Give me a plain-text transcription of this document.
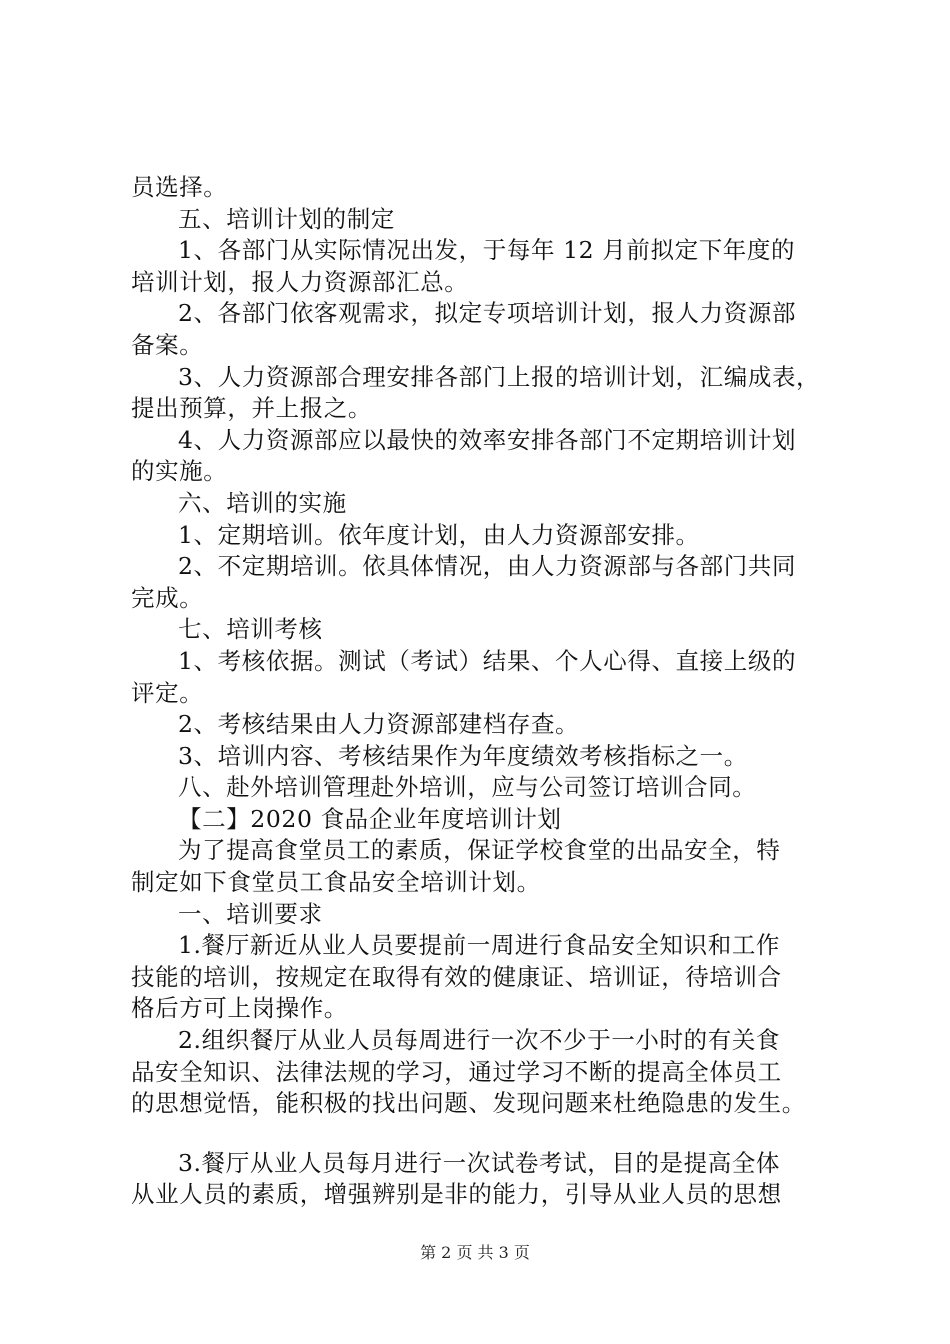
员选择。
五、培训计划的制定
1、各部门从实际情况出发，于每年 12 月前拟定下年度的
培训计划，报人力资源部汇总。
2、各部门依客观需求，拟定专项培训计划，报人力资源部
备案。
3、人力资源部合理安排各部门上报的培训计划，汇编成表，
提出预算，并上报之。
4、人力资源部应以最快的效率安排各部门不定期培训计划
的实施。
六、培训的实施
1、定期培训。依年度计划，由人力资源部安排。
2、不定期培训。依具体情况，由人力资源部与各部门共同
完成。
七、培训考核
1、考核依据。测试（考试）结果、个人心得、直接上级的
评定。
2、考核结果由人力资源部建档存查。
3、培训内容、考核结果作为年度绩效考核指标之一。
八、赴外培训管理赴外培训，应与公司签订培训合同。
【二】2020 食品企业年度培训计划
为了提高食堂员工的素质，保证学校食堂的出品安全，特
制定如下食堂员工食品安全培训计划。
一、培训要求
1.餐厅新近从业人员要提前一周进行食品安全知识和工作
技能的培训，按规定在取得有效的健康证、培训证，待培训合
格后方可上岗操作。
2.组织餐厅从业人员每周进行一次不少于一小时的有关食
品安全知识、法律法规的学习，通过学习不断的提高全体员工
的思想觉悟，能积极的找出问题、发现问题来杜绝隐患的发生。
3.餐厅从业人员每月进行一次试卷考试，目的是提高全体
从业人员的素质，增强辨别是非的能力，引导从业人员的思想
第 2 页 共 3 页
